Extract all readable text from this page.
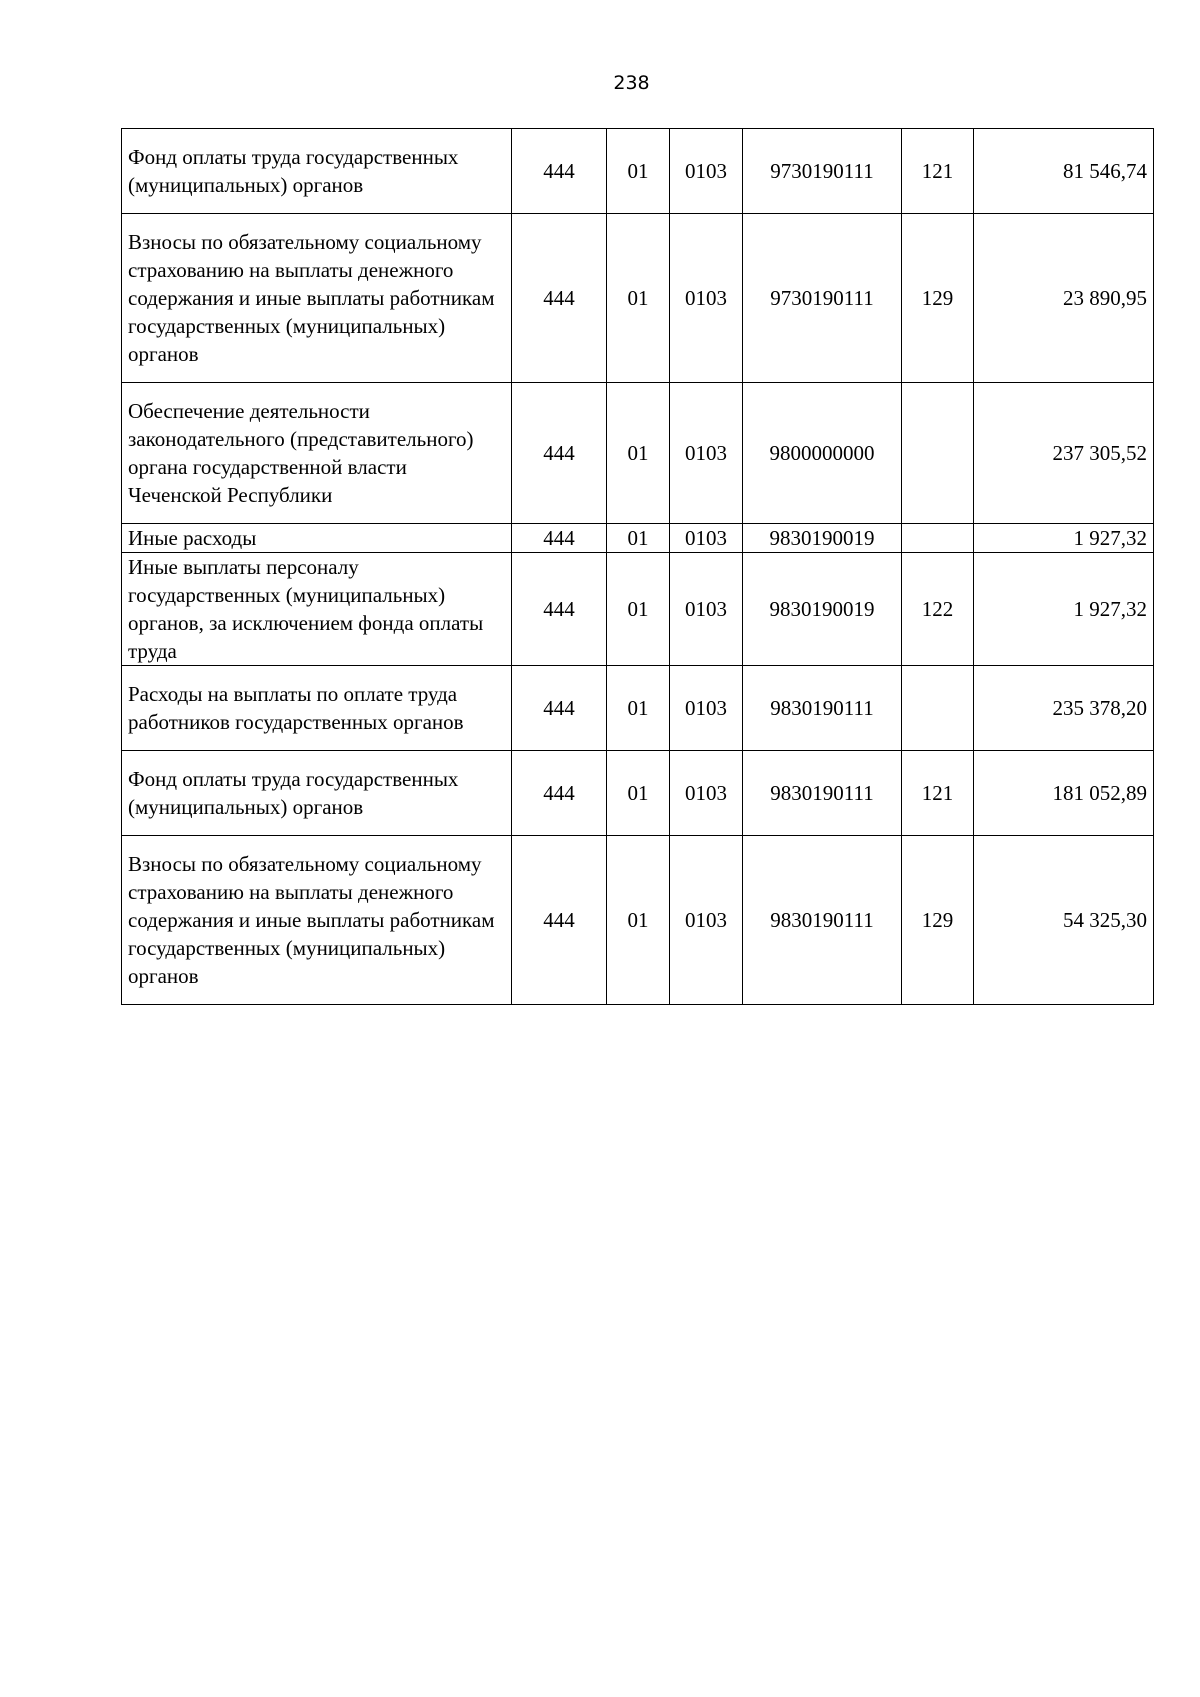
238
Фонд оплаты труда государственных (муниципальных) органов	444	01	0103	9730190111	121	81 546,74
Взносы по обязательному социальному страхованию на выплаты денежного содержания и иные выплаты работникам государственных (муниципальных) органов	444	01	0103	9730190111	129	23 890,95
Обеспечение деятельности законодательного (представительного) органа государственной власти Чеченской Республики	444	01	0103	9800000000		237 305,52
Иные расходы	444	01	0103	9830190019		1 927,32
Иные выплаты персоналу государственных (муниципальных) органов, за исключением фонда оплаты труда	444	01	0103	9830190019	122	1 927,32
Расходы на выплаты по оплате труда работников государственных органов	444	01	0103	9830190111		235 378,20
Фонд оплаты труда государственных (муниципальных) органов	444	01	0103	9830190111	121	181 052,89
Взносы по обязательному социальному страхованию на выплаты денежного содержания и иные выплаты работникам государственных (муниципальных) органов	444	01	0103	9830190111	129	54 325,30
